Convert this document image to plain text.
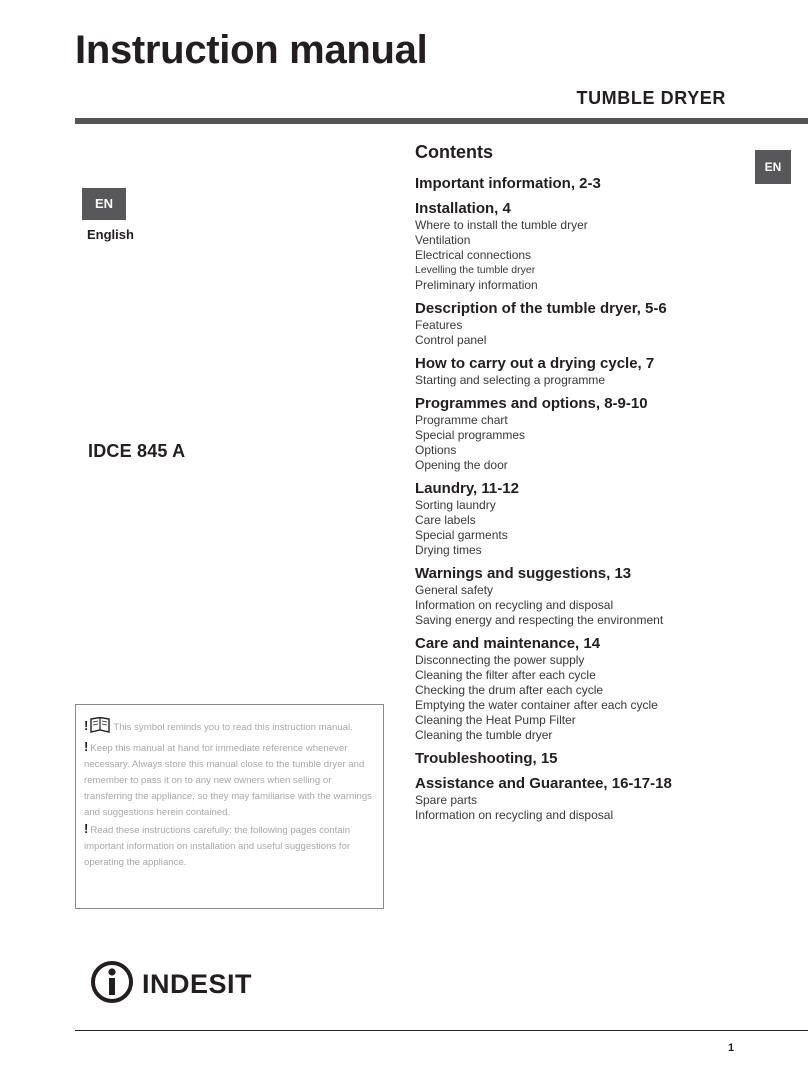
Instruction manual
TUMBLE DRYER
EN
English
EN
IDCE 845 A
Contents

Important information, 2-3

Installation, 4

Where to install the tumble dryer

Ventilation

Electrical connections

Levelling the tumble dryer

Preliminary information

Description of the tumble dryer, 5-6

Features

Control panel

How to carry out a drying cycle, 7

Starting and selecting a programme

Programmes and options, 8-9-10

Programme chart

Special programmes

Options

Opening the door

Laundry, 11-12

Sorting laundry

Care labels

Special garments

Drying times

Warnings and suggestions, 13

General safety

Information on recycling and disposal

Saving energy and respecting the environment

Care and maintenance, 14

Disconnecting the power supply

Cleaning the filter after each cycle

Checking the drum after each cycle

Emptying the water container after each cycle

Cleaning the Heat Pump Filter

Cleaning the tumble dryer

Troubleshooting, 15

Assistance and Guarantee, 16-17-18

Spare parts

Information on recycling and disposal

!	This symbol reminds you to read this instruction manual.

! Keep this manual at hand for immediate reference whenever necessary. Always store this manual close to the tumble dryer and remember to pass it on to any new owners when selling or transferring the appliance, so they may familiarise with the warnings and suggestions herein contained.

! Read these instructions carefully: the following pages contain important information on installation and useful suggestions for operating the appliance.

INDESIT
1
